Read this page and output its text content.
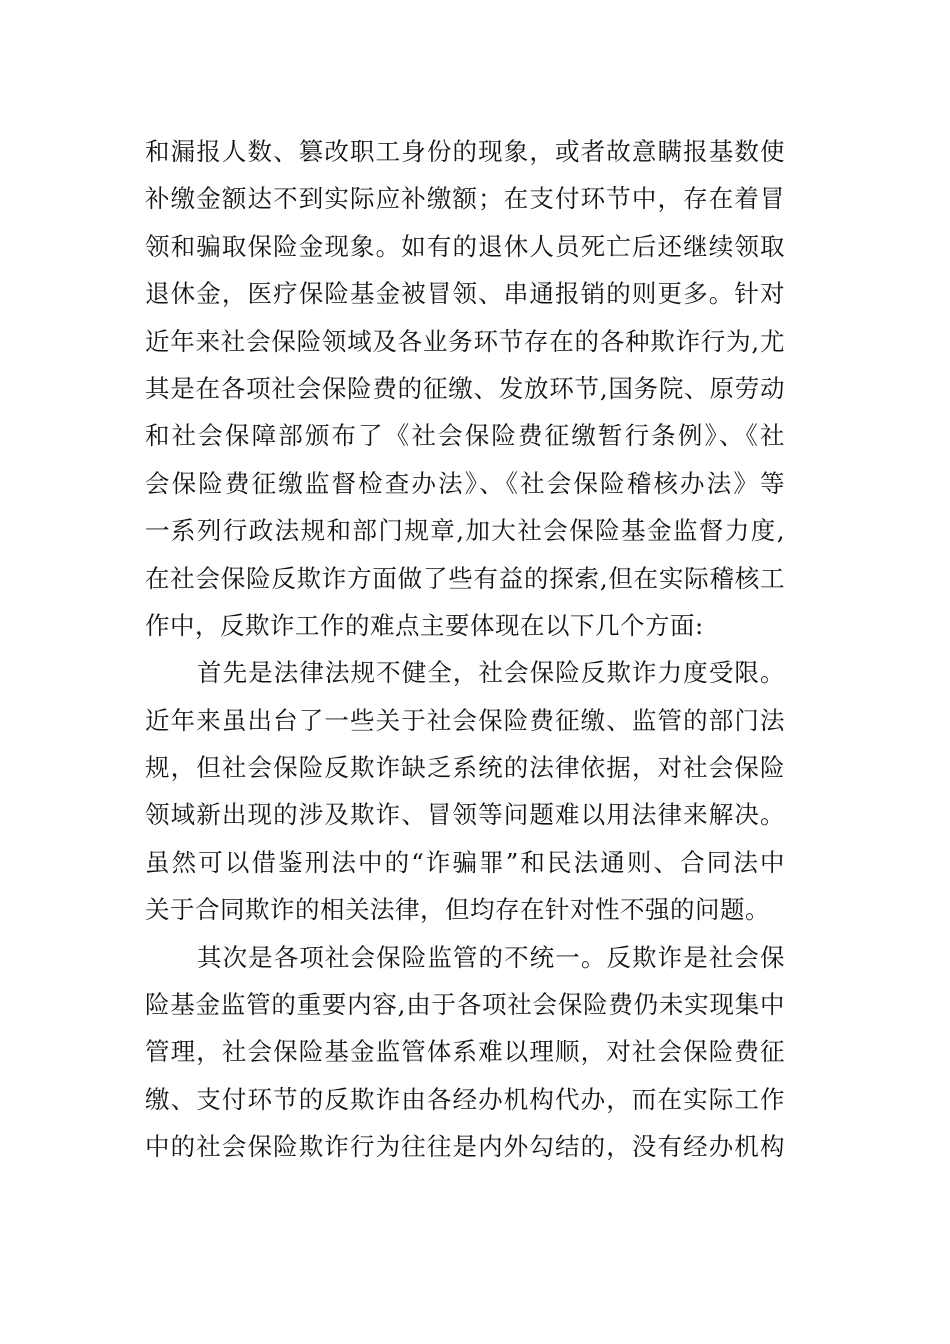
和漏报人数、篡改职工身份的现象，或者故意瞒报基数使
补缴金额达不到实际应补缴额；在支付环节中，存在着冒
领和骗取保险金现象。如有的退休人员死亡后还继续领取
退休金，医疗保险基金被冒领、串通报销的则更多。针对
近年来社会保险领域及各业务环节存在的各种欺诈行为,尤
其是在各项社会保险费的征缴、发放环节,国务院、原劳动
和社会保障部颁布了《社会保险费征缴暂行条例》、《社
会保险费征缴监督检查办法》、《社会保险稽核办法》等
一系列行政法规和部门规章,加大社会保险基金监督力度,
在社会保险反欺诈方面做了些有益的探索,但在实际稽核工
作中，反欺诈工作的难点主要体现在以下几个方面:
首先是法律法规不健全，社会保险反欺诈力度受限。
近年来虽出台了一些关于社会保险费征缴、监管的部门法
规，但社会保险反欺诈缺乏系统的法律依据，对社会保险
领域新出现的涉及欺诈、冒领等问题难以用法律来解决。
虽然可以借鉴刑法中的“诈骗罪”和民法通则、合同法中
关于合同欺诈的相关法律，但均存在针对性不强的问题。
其次是各项社会保险监管的不统一。反欺诈是社会保
险基金监管的重要内容,由于各项社会保险费仍未实现集中
管理，社会保险基金监管体系难以理顺，对社会保险费征
缴、支付环节的反欺诈由各经办机构代办，而在实际工作
中的社会保险欺诈行为往往是内外勾结的，没有经办机构
